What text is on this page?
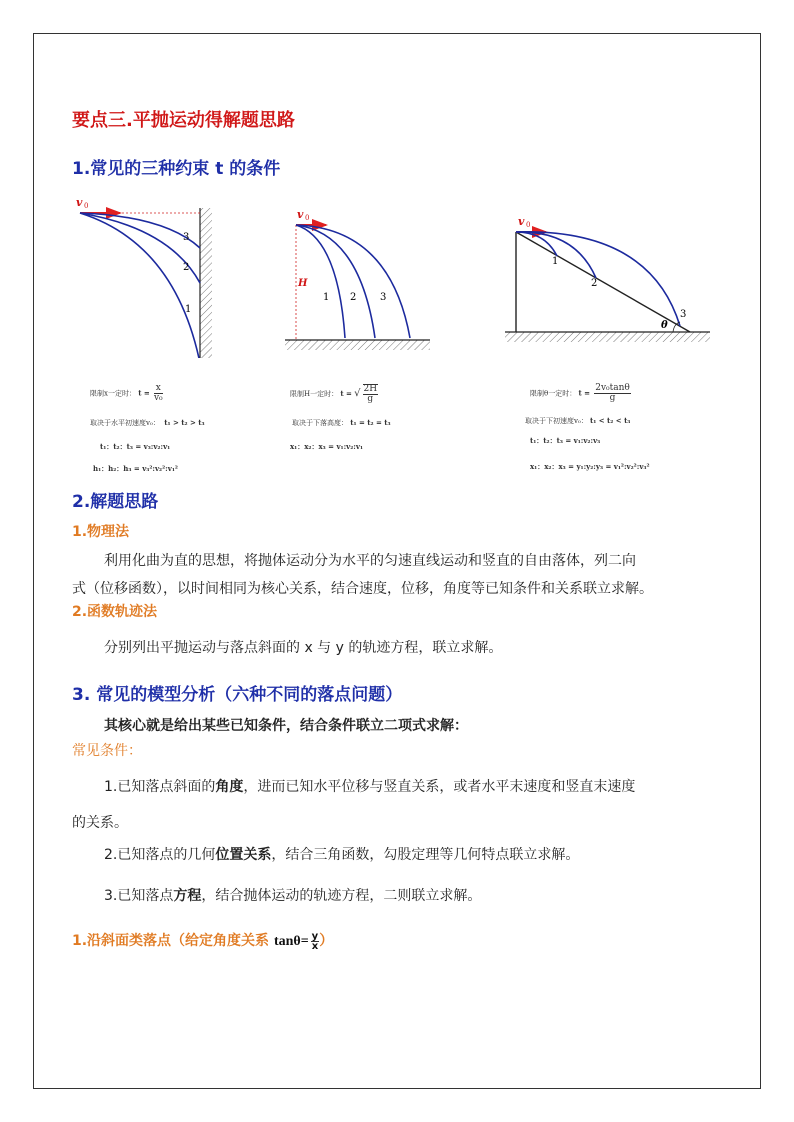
要点三.平抛运动得解题思路
1.常见的三种约束 t 的条件
v 0
3
2
1
v 0
H
1 2 3
v 0
1
2
3
θ
限制x一定时： $t = \frac{x}{\text{v₀}}$
取决于水平初速度v₀： t₁ > t₂ > t₃
t₁：t₂：t₃ = v₃:v₂:v₁
h₁：h₂：h₃ = v₃²:v₂²:v₁²
限制H一定时： t = √ $\frac{2H}{g}$
取决于下落高度： t₁ = t₂ = t₃
x₁：x₂：x₃ = v₁:v₂:v₁
限制θ一定时： $t = \frac{\text{2v₀tanθ}}{g}$
取决于下初速度v₀： t₁ < t₂ < t₃
t₁：t₂：t₃ = v₁:v₂:v₃
x₁：x₂：x₃ = y₁:y₂:y₃ = v₁²:v₂²:v₃²
2.解题思路
1.物理法
利用化曲为直的思想，将抛体运动分为水平的匀速直线运动和竖直的自由落体，列二向
式（位移函数），以时间相同为核心关系，结合速度，位移，角度等已知条件和关系联立求解。
2.函数轨迹法
分别列出平抛运动与落点斜面的 x 与 y 的轨迹方程，联立求解。
3. 常见的模型分析（六种不同的落点问题）
其核心就是给出某些已知条件，结合条件联立二项式求解：
常见条件：
1.已知落点斜面的角度，进而已知水平位移与竖直关系，或者水平末速度和竖直末速度
的关系。
2.已知落点的几何位置关系，结合三角函数，勾股定理等几何特点联立求解。
3.已知落点方程，结合抛体运动的轨迹方程，二则联立求解。
1.沿斜面类落点（给定角度关系 $\tan\theta= \frac{y}{x}$ ）
